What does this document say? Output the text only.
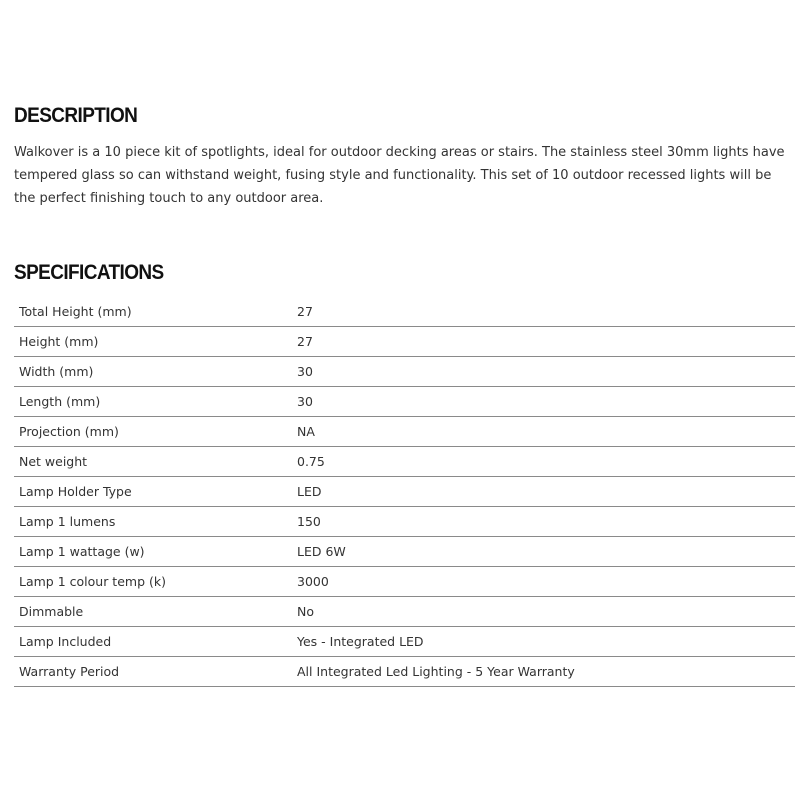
DESCRIPTION

Walkover is a 10 piece kit of spotlights, ideal for outdoor decking areas or stairs. The stainless steel 30mm lights have tempered glass so can withstand weight, fusing style and functionality. This set of 10 outdoor recessed lights will be the perfect finishing touch to any outdoor area.

SPECIFICATIONS
Total Height (mm)	27
Height (mm)	27
Width (mm)	30
Length (mm)	30
Projection (mm)	NA
Net weight	0.75
Lamp Holder Type	LED
Lamp 1 lumens	150
Lamp 1 wattage (w)	LED 6W
Lamp 1 colour temp (k)	3000
Dimmable	No
Lamp Included	Yes - Integrated LED
Warranty Period	All Integrated Led Lighting - 5 Year Warranty
